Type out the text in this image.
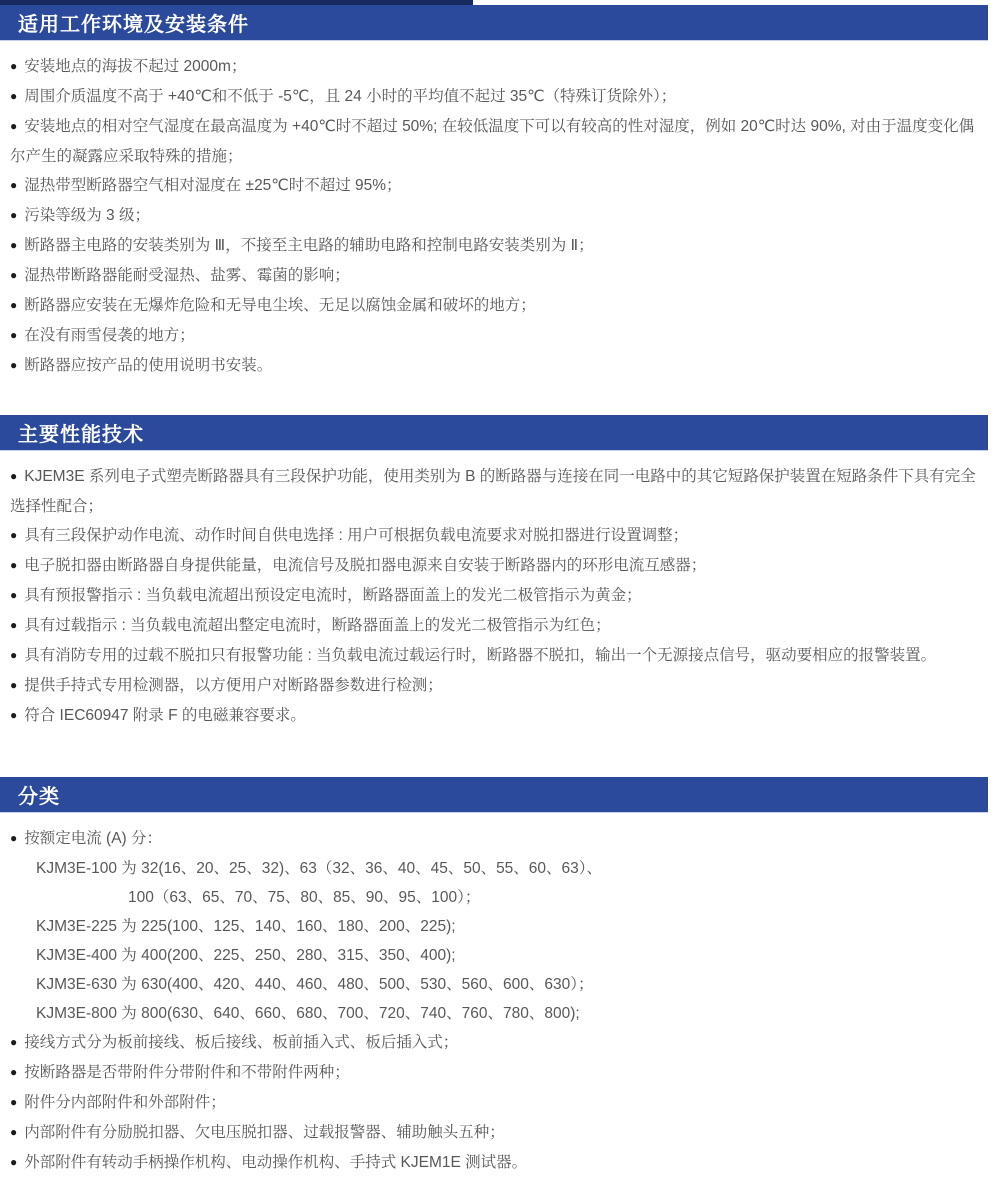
适用工作环境及安装条件
● 安装地点的海拔不起过 2000m；
● 周围介质温度不高于 +40℃和不低于 -5℃，且 24 小时的平均值不起过 35℃（特殊订货除外）；
● 安装地点的相对空气湿度在最高温度为 +40℃时不超过 50%; 在较低温度下可以有较高的性对湿度，例如 20℃时达 90%, 对由于温度变化偶尔产生的凝露应采取特殊的措施；
● 湿热带型断路器空气相对湿度在 ±25℃时不超过 95%；
● 污染等级为 3 级；
● 断路器主电路的安装类别为 Ⅲ，不接至主电路的辅助电路和控制电路安装类别为 Ⅱ；
● 湿热带断路器能耐受湿热、盐雾、霉菌的影响；
● 断路器应安装在无爆炸危险和无导电尘埃、无足以腐蚀金属和破坏的地方；
● 在没有雨雪侵袭的地方；
● 断路器应按产品的使用说明书安装。
主要性能技术
● KJEM3E 系列电子式塑壳断路器具有三段保护功能，使用类别为 B 的断路器与连接在同一电路中的其它短路保护装置在短路条件下具有完全选择性配合；
● 具有三段保护动作电流、动作时间自供电选择 : 用户可根据负载电流要求对脱扣器进行设置调整；
● 电子脱扣器由断路器自身提供能量，电流信号及脱扣器电源来自安装于断路器内的环形电流互感器；
● 具有预报警指示 : 当负载电流超出预设定电流时，断路器面盖上的发光二极管指示为黄金；
● 具有过载指示 : 当负载电流超出整定电流时，断路器面盖上的发光二极管指示为红色；
● 具有消防专用的过载不脱扣只有报警功能 : 当负载电流过载运行时，断路器不脱扣，输出一个无源接点信号，驱动要相应的报警装置。
● 提供手持式专用检测器，以方便用户对断路器参数进行检测；
● 符合 IEC60947 附录 F 的电磁兼容要求。
分类
● 按额定电流 (A) 分：
KJM3E-100 为 32(16、20、25、32)、63（32、36、40、45、50、55、60、63）、
100（63、65、70、75、80、85、90、95、100）；
KJM3E-225 为 225(100、125、140、160、180、200、225);
KJM3E-400 为 400(200、225、250、280、315、350、400);
KJM3E-630 为 630(400、420、440、460、480、500、530、560、600、630）；
KJM3E-800 为 800(630、640、660、680、700、720、740、760、780、800);
● 接线方式分为板前接线、板后接线、板前插入式、板后插入式；
● 按断路器是否带附件分带附件和不带附件两种；
● 附件分内部附件和外部附件；
● 内部附件有分励脱扣器、欠电压脱扣器、过载报警器、辅助触头五种；
● 外部附件有转动手柄操作机构、电动操作机构、手持式 KJEM1E 测试器。
